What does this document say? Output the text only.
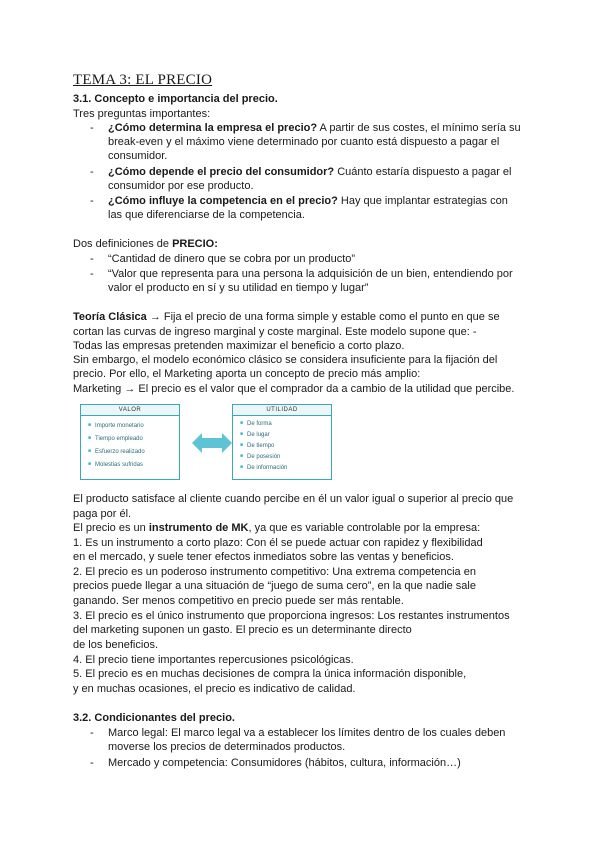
TEMA 3: EL PRECIO
3.1. Concepto e importancia del precio.
Tres preguntas importantes:
- ¿Cómo determina la empresa el precio? A partir de sus costes, el mínimo sería su
break-even y el máximo viene determinado por cuanto está dispuesto a pagar el
consumidor.
- ¿Cómo depende el precio del consumidor? Cuánto estaría dispuesto a pagar el
consumidor por ese producto.
- ¿Cómo influye la competencia en el precio? Hay que implantar estrategias con
las que diferenciarse de la competencia.
Dos definiciones de PRECIO:
- “Cantidad de dinero que se cobra por un producto”
- “Valor que representa para una persona la adquisición de un bien, entendiendo por
valor el producto en sí y su utilidad en tiempo y lugar”
Teoría Clásica → Fija el precio de una forma simple y estable como el punto en que se
cortan las curvas de ingreso marginal y coste marginal. Este modelo supone que: -
Todas las empresas pretenden maximizar el beneficio a corto plazo.
Sin embargo, el modelo económico clásico se considera insuficiente para la fijación del
precio. Por ello, el Marketing aporta un concepto de precio más amplio:
Marketing → El precio es el valor que el comprador da a cambio de la utilidad que percibe.
VALOR
■ Importe monetario
■ Tiempo empleado
■ Esfuerzo realizado
■ Molestias sufridas
UTILIDAD
■ De forma
■ De lugar
■ De tiempo
■ De posesión
■ De información
El producto satisface al cliente cuando percibe en él un valor igual o superior al precio que
paga por él.
El precio es un instrumento de MK, ya que es variable controlable por la empresa:
1. Es un instrumento a corto plazo: Con él se puede actuar con rapidez y flexibilidad
en el mercado, y suele tener efectos inmediatos sobre las ventas y beneficios.
2. El precio es un poderoso instrumento competitivo: Una extrema competencia en
precios puede llegar a una situación de “juego de suma cero”, en la que nadie sale
ganando. Ser menos competitivo en precio puede ser más rentable.
3. El precio es el único instrumento que proporciona ingresos: Los restantes instrumentos
del marketing suponen un gasto. El precio es un determinante directo
de los beneficios.
4. El precio tiene importantes repercusiones psicológicas.
5. El precio es en muchas decisiones de compra la única información disponible,
y en muchas ocasiones, el precio es indicativo de calidad.
3.2. Condicionantes del precio.
- Marco legal: El marco legal va a establecer los límites dentro de los cuales deben
moverse los precios de determinados productos.
- Mercado y competencia: Consumidores (hábitos, cultura, información…)
